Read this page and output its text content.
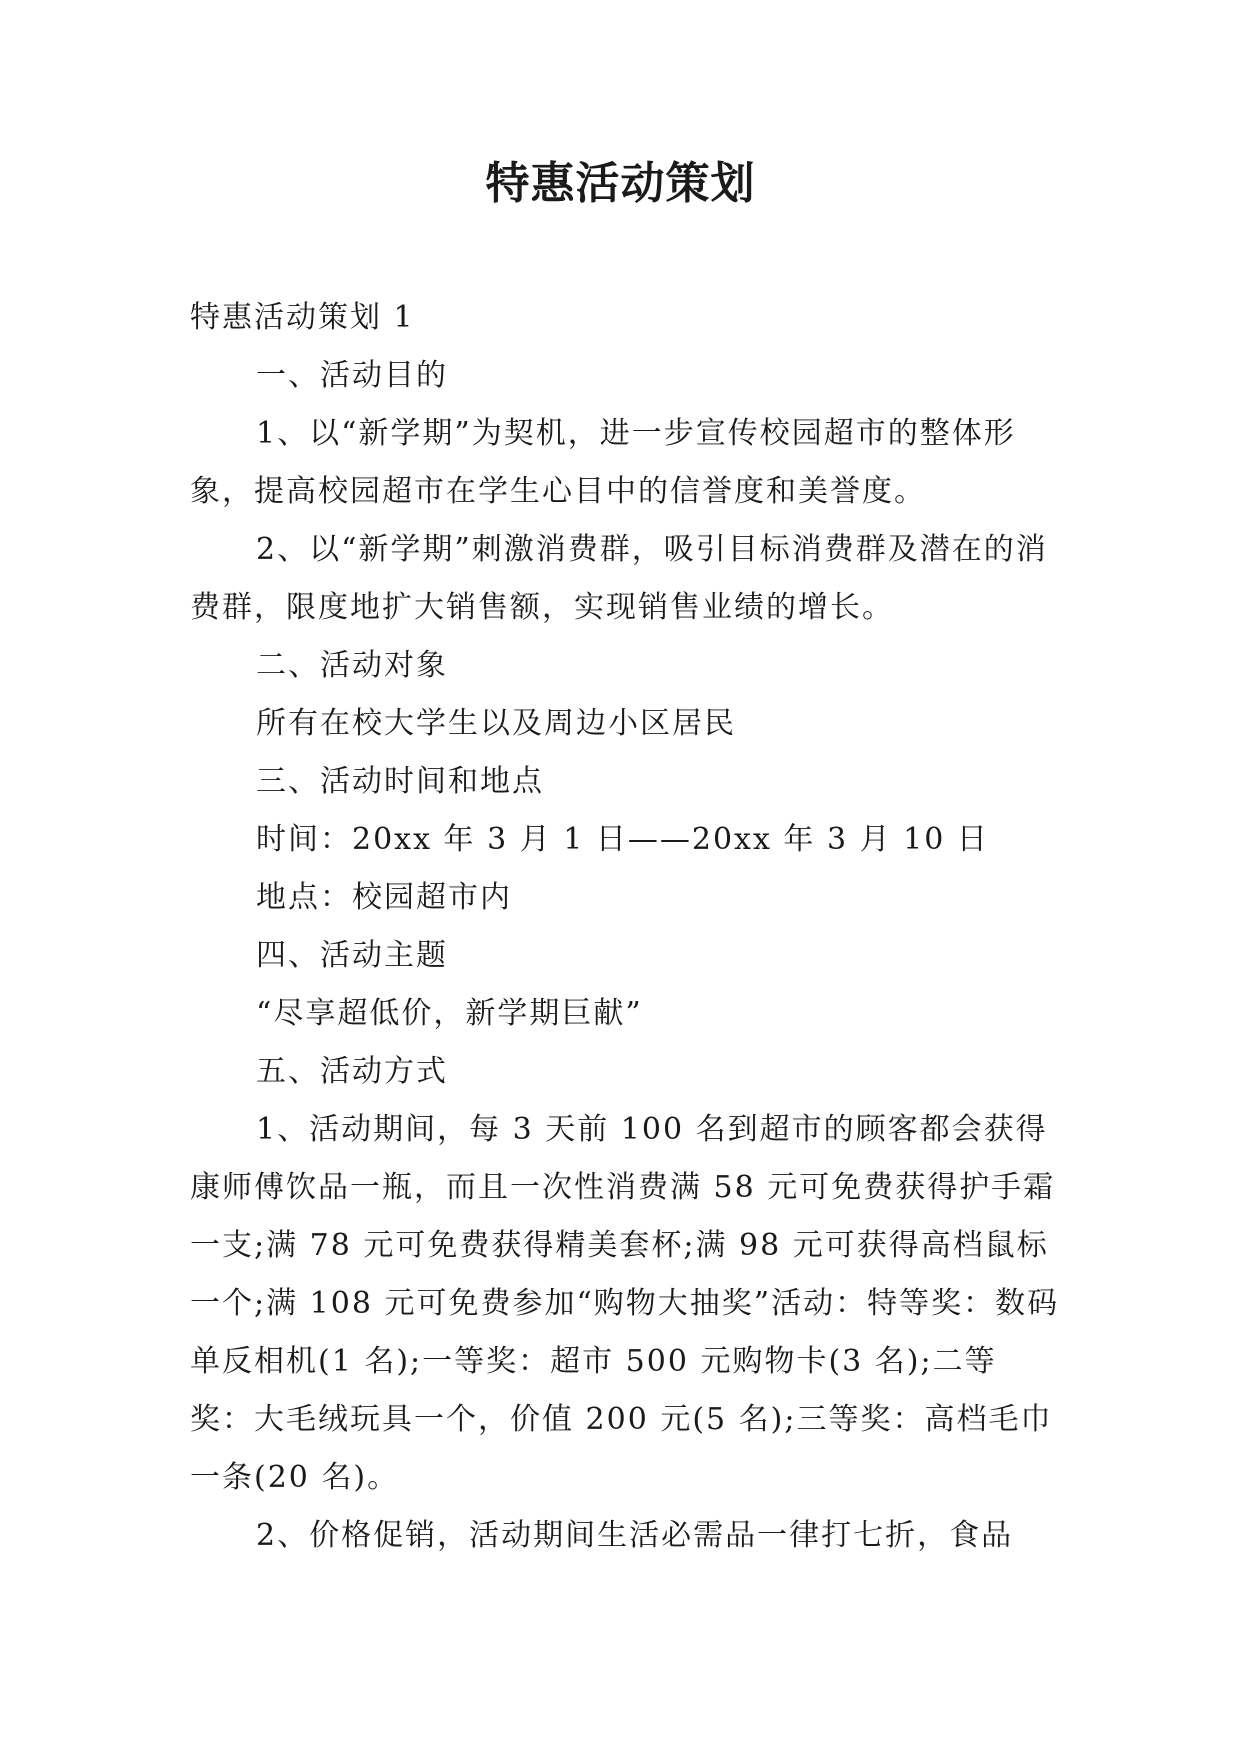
特惠活动策划
特惠活动策划 1
一、活动目的

1、以“新学期”为契机，进一步宣传校园超市的整体形象，提高校园超市在学生心目中的信誉度和美誉度。

2、以“新学期”刺激消费群，吸引目标消费群及潜在的消费群，限度地扩大销售额，实现销售业绩的增长。

二、活动对象
所有在校大学生以及周边小区居民
三、活动时间和地点
时间：20xx 年 3 月 1 日——20xx 年 3 月 10 日
地点：校园超市内
四、活动主题
“尽享超低价，新学期巨献”
五、活动方式

1、活动期间，每 3 天前 100 名到超市的顾客都会获得康师傅饮品一瓶，而且一次性消费满 58 元可免费获得护手霜一支;满 78 元可免费获得精美套杯;满 98 元可获得高档鼠标一个;满 108 元可免费参加“购物大抽奖”活动：特等奖：数码单反相机(1 名);一等奖：超市 500 元购物卡(3 名);二等奖：大毛绒玩具一个，价值 200 元(5 名);三等奖：高档毛巾一条(20 名)。

2、价格促销，活动期间生活必需品一律打七折，食品
